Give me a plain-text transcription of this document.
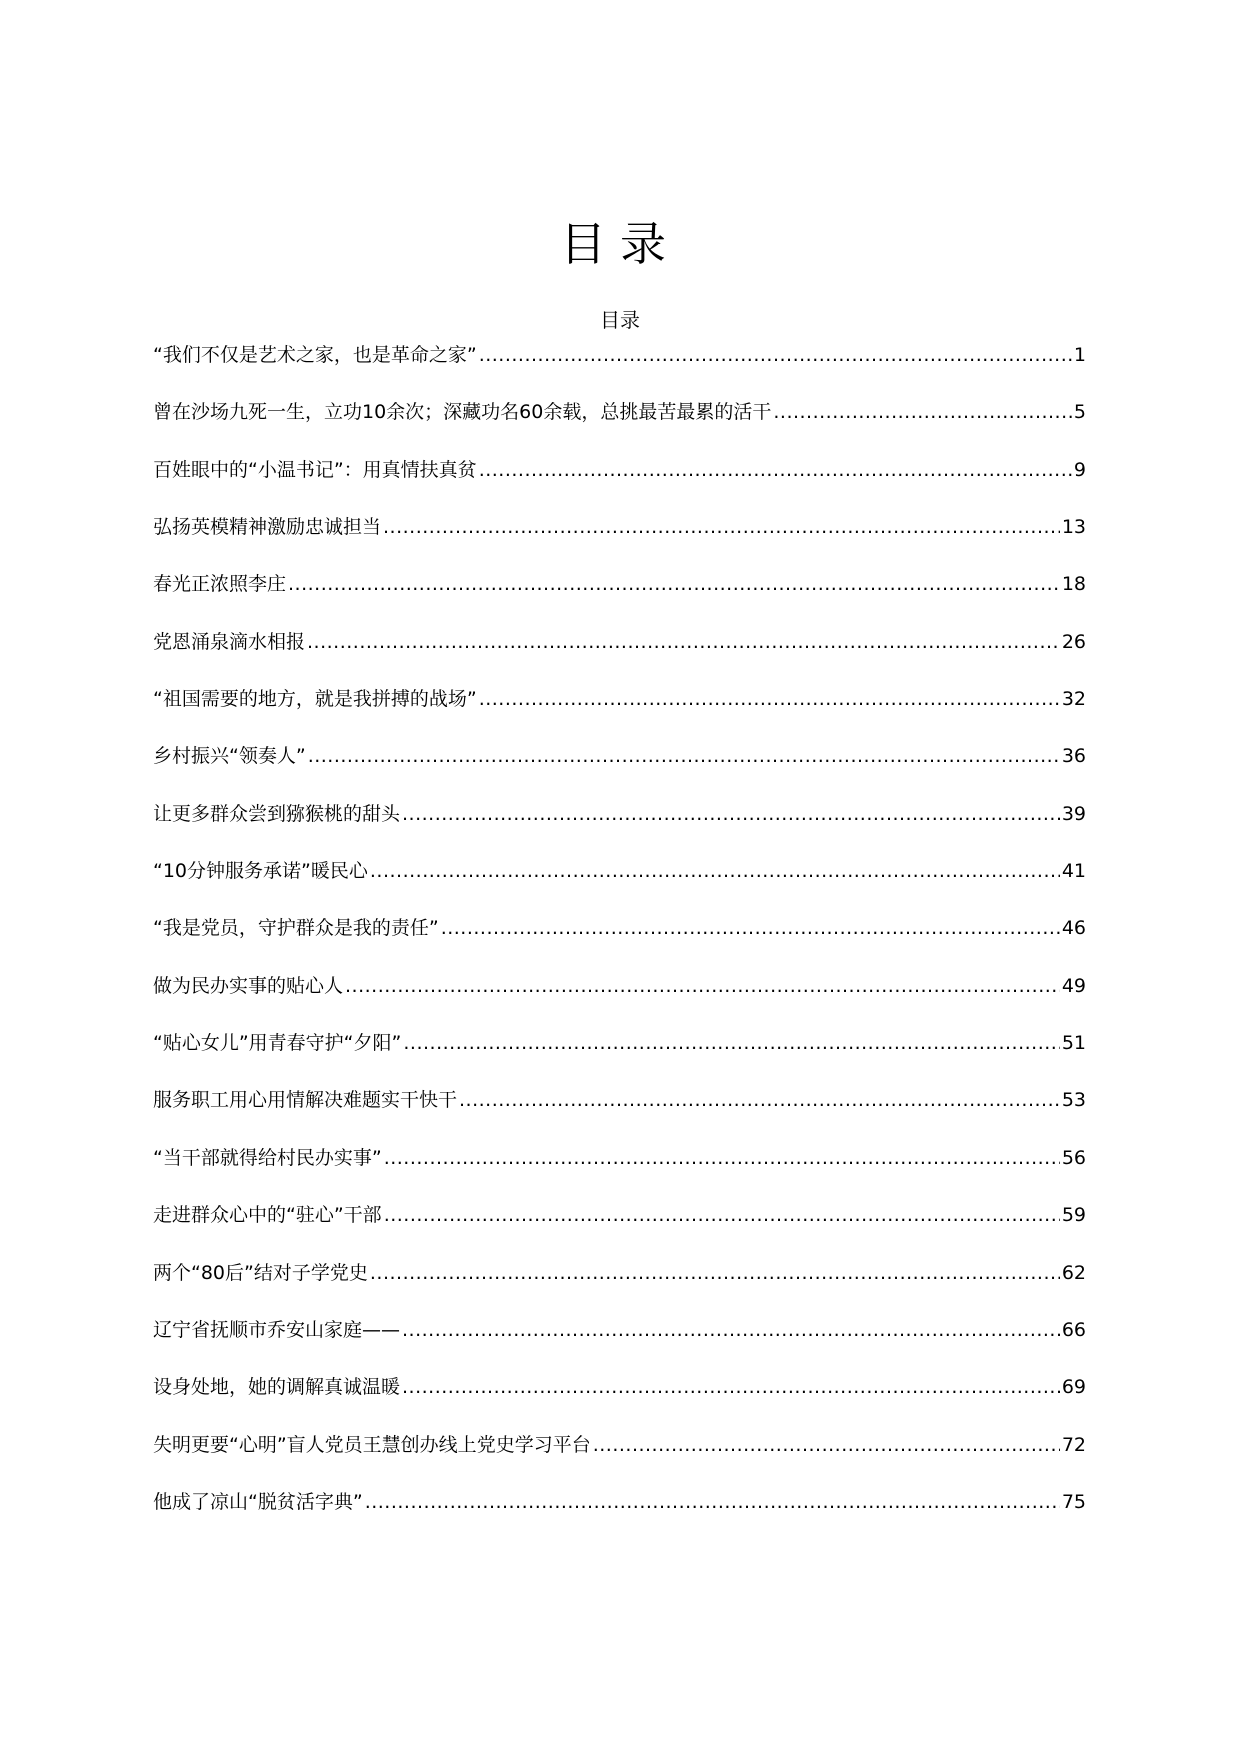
目录
目录
“我们不仅是艺术之家，也是革命之家” .....	1
曾在沙场九死一生，立功10余次；深藏功名60余载，总挑最苦最累的活干 .....	5
百姓眼中的“小温书记”：用真情扶真贫 .....	9
弘扬英模精神激励忠诚担当 .....	13
春光正浓照李庄 .....	18
党恩涌泉滴水相报 .....	26
“祖国需要的地方，就是我拼搏的战场” .....	32
乡村振兴“领奏人” .....	36
让更多群众尝到猕猴桃的甜头 .....	39
“10分钟服务承诺”暖民心 .....	41
“我是党员，守护群众是我的责任” .....	46
做为民办实事的贴心人 .....	49
“贴心女儿”用青春守护“夕阳” .....	51
服务职工用心用情解决难题实干快干 .....	53
“当干部就得给村民办实事” .....	56
走进群众心中的“驻心”干部 .....	59
两个“80后”结对子学党史 .....	62
辽宁省抚顺市乔安山家庭—— .....	66
设身处地，她的调解真诚温暖 .....	69
失明更要“心明”盲人党员王慧创办线上党史学习平台 .....	72
他成了凉山“脱贫活字典” .....	75
